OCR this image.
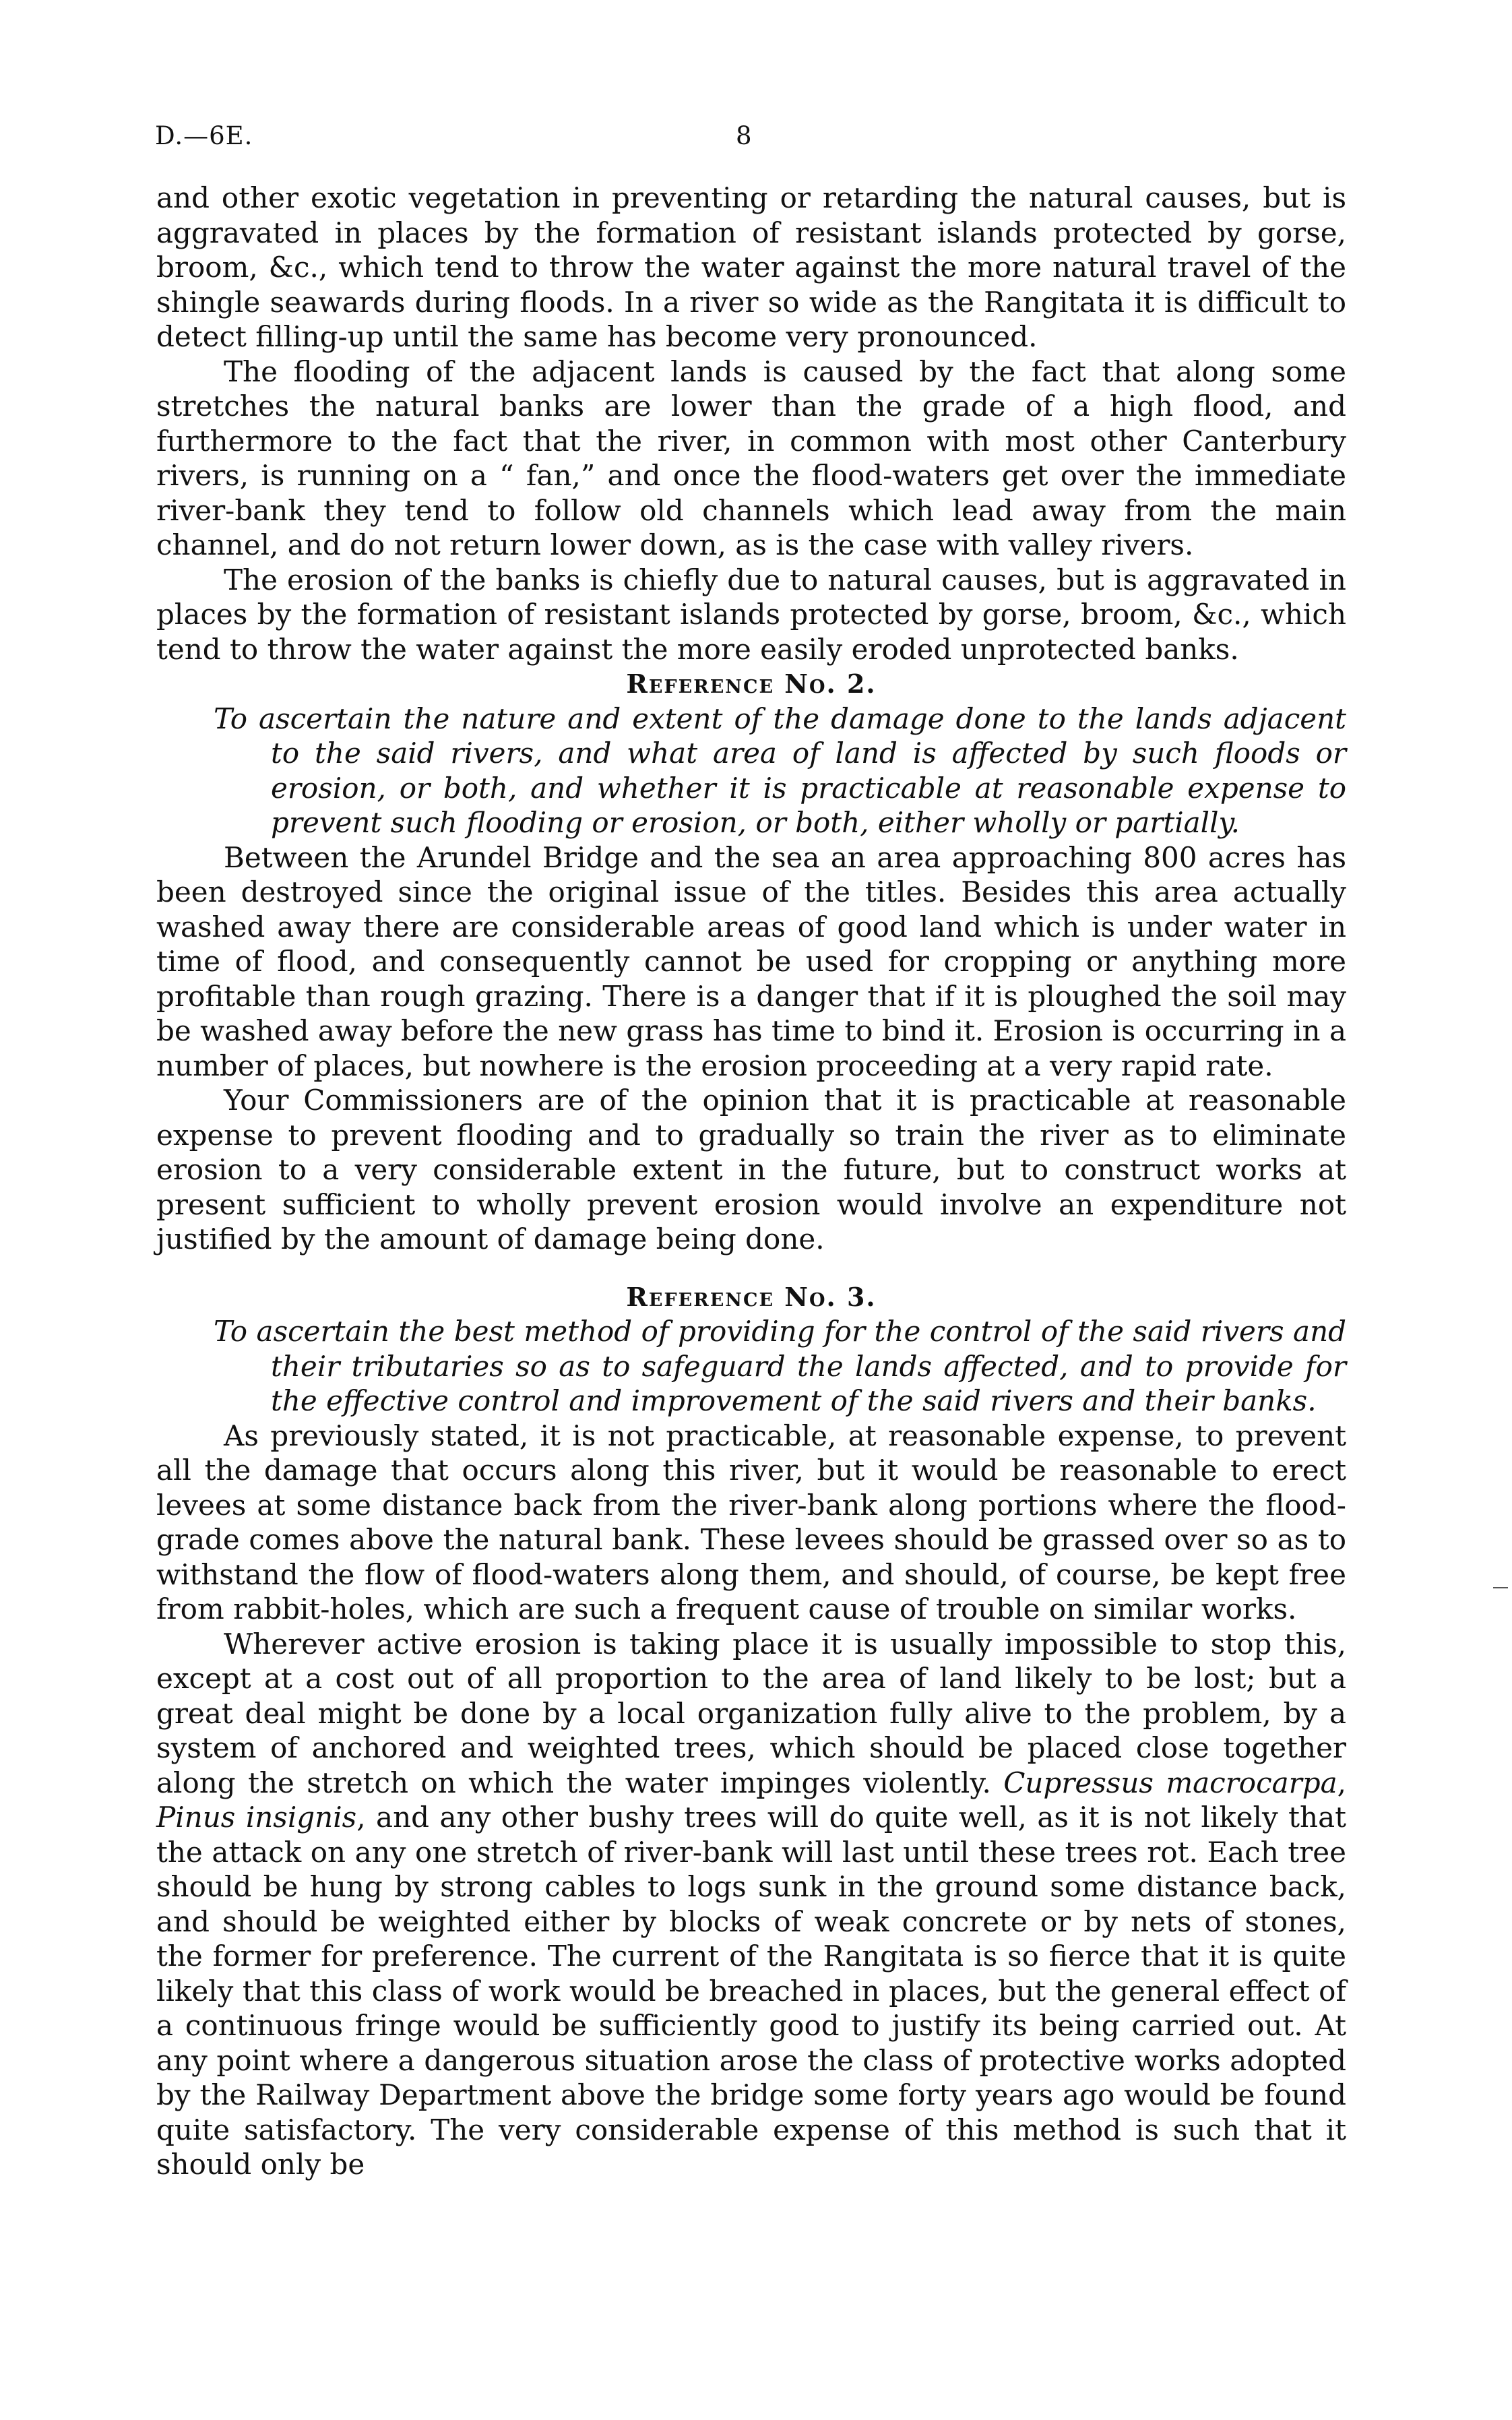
D.—6E.	8

and other exotic vegetation in preventing or retarding the natural causes, but is aggravated in places by the formation of resistant islands protected by gorse, broom, &c., which tend to throw the water against the more natural travel of the shingle seawards during floods. In a river so wide as the Rangitata it is difficult to detect filling-up until the same has become very pronounced.

The flooding of the adjacent lands is caused by the fact that along some stretches the natural banks are lower than the grade of a high flood, and furthermore to the fact that the river, in common with most other Canterbury rivers, is running on a “ fan,” and once the flood-waters get over the immediate river-bank they tend to follow old channels which lead away from the main channel, and do not return lower down, as is the case with valley rivers.

The erosion of the banks is chiefly due to natural causes, but is aggravated in places by the formation of resistant islands protected by gorse, broom, &c., which tend to throw the water against the more easily eroded unprotected banks.

Reference No. 2.

To ascertain the nature and extent of the damage done to the lands adjacent to the said rivers, and what area of land is affected by such floods or erosion, or both, and whether it is practicable at reasonable expense to prevent such flooding or erosion, or both, either wholly or partially.

Between the Arundel Bridge and the sea an area approaching 800 acres has been destroyed since the original issue of the titles. Besides this area actually washed away there are considerable areas of good land which is under water in time of flood, and consequently cannot be used for cropping or anything more profitable than rough grazing. There is a danger that if it is ploughed the soil may be washed away before the new grass has time to bind it. Erosion is occurring in a number of places, but nowhere is the erosion proceeding at a very rapid rate.

Your Commissioners are of the opinion that it is practicable at reasonable expense to prevent flooding and to gradually so train the river as to eliminate erosion to a very considerable extent in the future, but to construct works at present sufficient to wholly prevent erosion would involve an expenditure not justified by the amount of damage being done.

Reference No. 3.

To ascertain the best method of providing for the control of the said rivers and their tributaries so as to safeguard the lands affected, and to provide for the effective control and improvement of the said rivers and their banks.

As previously stated, it is not practicable, at reasonable expense, to prevent all the damage that occurs along this river, but it would be reasonable to erect levees at some distance back from the river-bank along portions where the flood-grade comes above the natural bank. These levees should be grassed over so as to withstand the flow of flood-waters along them, and should, of course, be kept free from rabbit-holes, which are such a frequent cause of trouble on similar works.

Wherever active erosion is taking place it is usually impossible to stop this, except at a cost out of all proportion to the area of land likely to be lost; but a great deal might be done by a local organization fully alive to the problem, by a system of anchored and weighted trees, which should be placed close together along the stretch on which the water impinges violently. Cupressus macrocarpa, Pinus insignis, and any other bushy trees will do quite well, as it is not likely that the attack on any one stretch of river-bank will last until these trees rot. Each tree should be hung by strong cables to logs sunk in the ground some distance back, and should be weighted either by blocks of weak concrete or by nets of stones, the former for preference. The current of the Rangitata is so fierce that it is quite likely that this class of work would be breached in places, but the general effect of a continuous fringe would be sufficiently good to justify its being carried out. At any point where a dangerous situation arose the class of protective works adopted by the Railway Department above the bridge some forty years ago would be found quite satisfactory. The very considerable expense of this method is such that it should only be
